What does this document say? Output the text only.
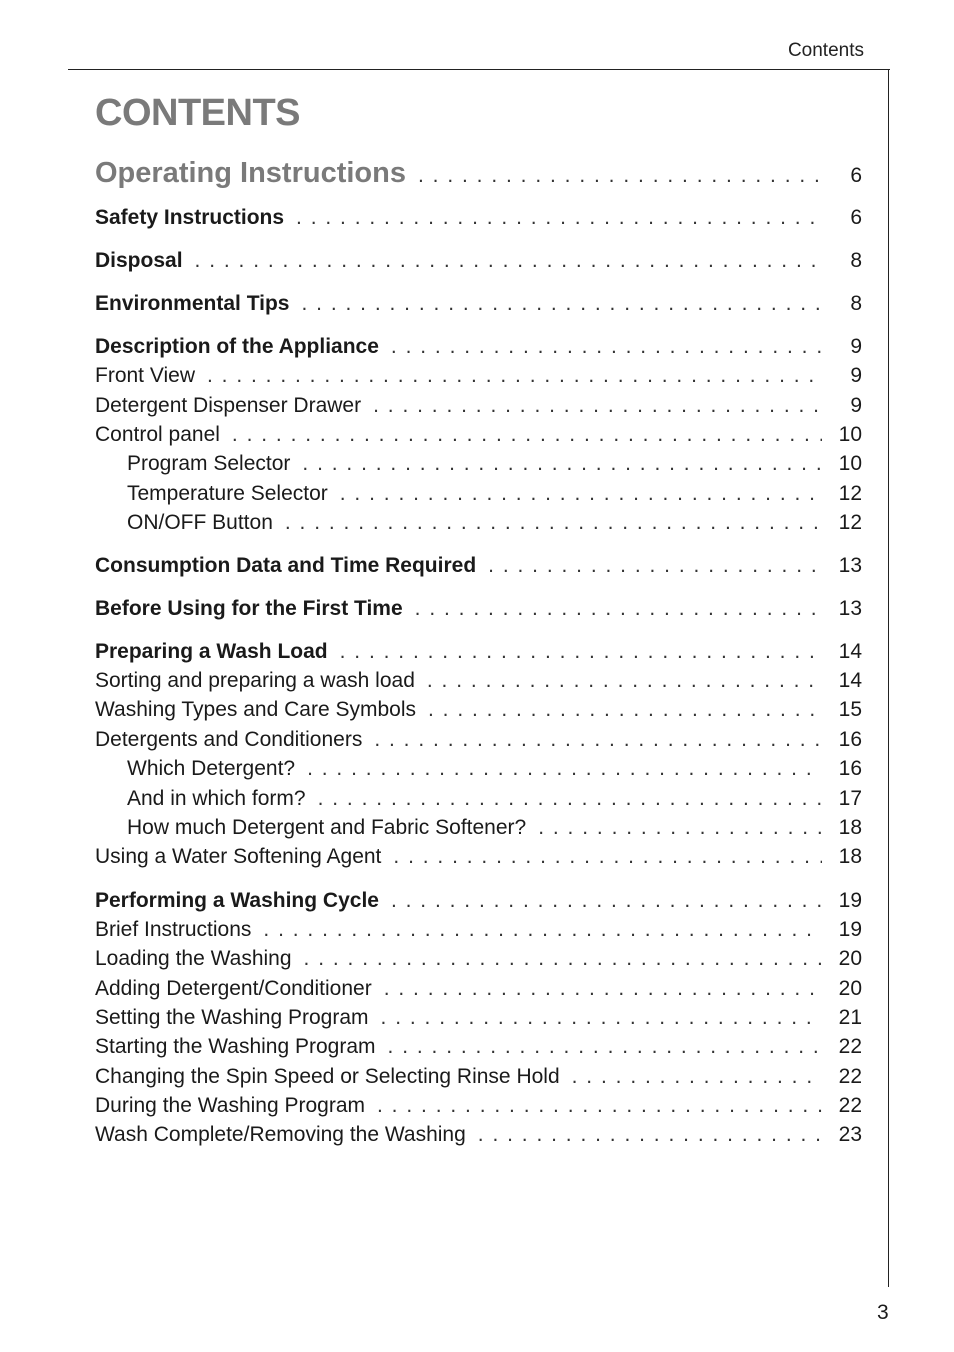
Contents
CONTENTS
Operating Instructions . . .	6
Safety Instructions . . .	6
Disposal . . .	8
Environmental Tips . . .	8
Description of the Appliance . . .	9
Front View . . .	9
Detergent Dispenser Drawer . . .	9
Control panel . . .	10
Program Selector . . .	10
Temperature Selector . . .	12
ON/OFF Button . . .	12
Consumption Data and Time Required . . .	13
Before Using for the First Time . . .	13
Preparing a Wash Load . . .	14
Sorting and preparing a wash load . . .	14
Washing Types and Care Symbols . . .	15
Detergents and Conditioners . . .	16
Which Detergent? . . .	16
And in which form? . . .	17
How much Detergent and Fabric Softener? . . .	18
Using a Water Softening Agent . . .	18
Performing a Washing Cycle . . .	19
Brief Instructions . . .	19
Loading the Washing . . .	20
Adding Detergent/Conditioner . . .	20
Setting the Washing Program . . .	21
Starting the Washing Program . . .	22
Changing the Spin Speed or Selecting Rinse Hold . . .	22
During the Washing Program . . .	22
Wash Complete/Removing the Washing . . .	23
3
